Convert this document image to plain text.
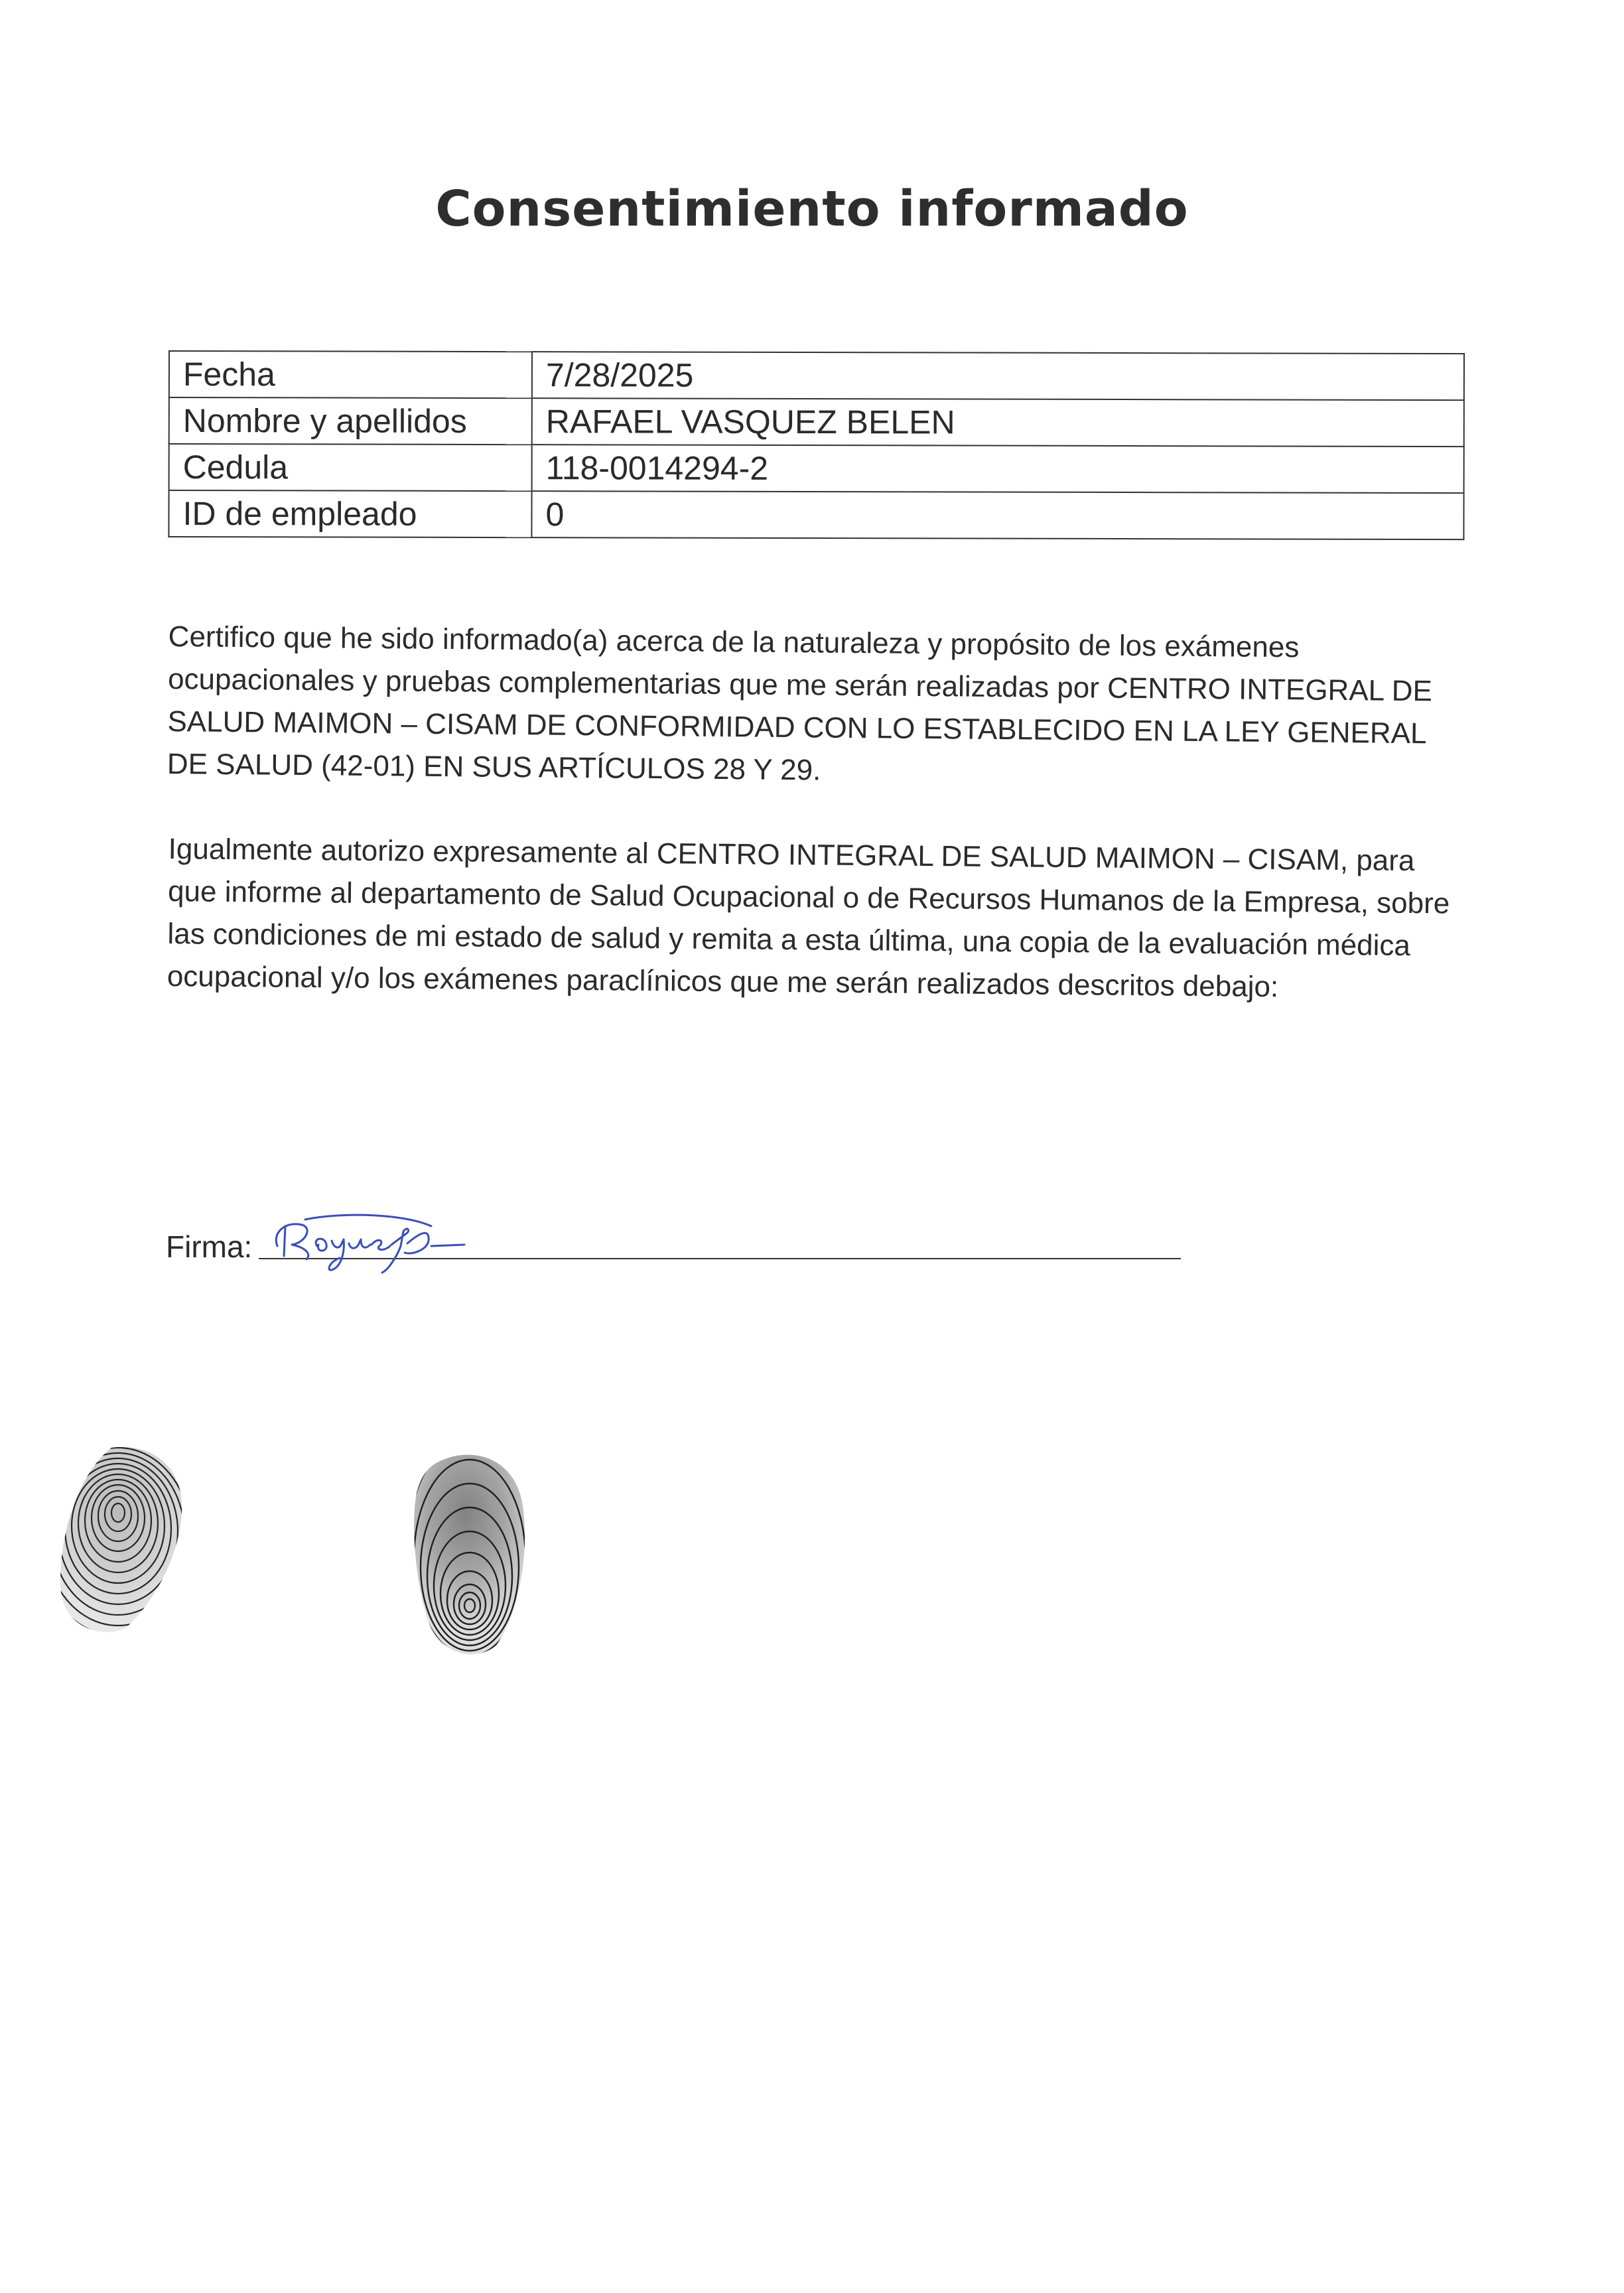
Consentimiento informado
Fecha	7/28/2025
Nombre y apellidos	RAFAEL VASQUEZ BELEN
Cedula	118-0014294-2
ID de empleado	0

Certifico que he sido informado(a) acerca de la naturaleza y propósito de los exámenes ocupacionales y pruebas complementarias que me serán realizadas por CENTRO INTEGRAL DE SALUD MAIMON – CISAM DE CONFORMIDAD CON LO ESTABLECIDO EN LA LEY GENERAL DE SALUD (42-01) EN SUS ARTÍCULOS 28 Y 29.

Igualmente autorizo expresamente al CENTRO INTEGRAL DE SALUD MAIMON – CISAM, para que informe al departamento de Salud Ocupacional o de Recursos Humanos de la Empresa, sobre las condiciones de mi estado de salud y remita a esta última, una copia de la evaluación médica ocupacional y/o los exámenes paraclínicos que me serán realizados descritos debajo:

Firma:
